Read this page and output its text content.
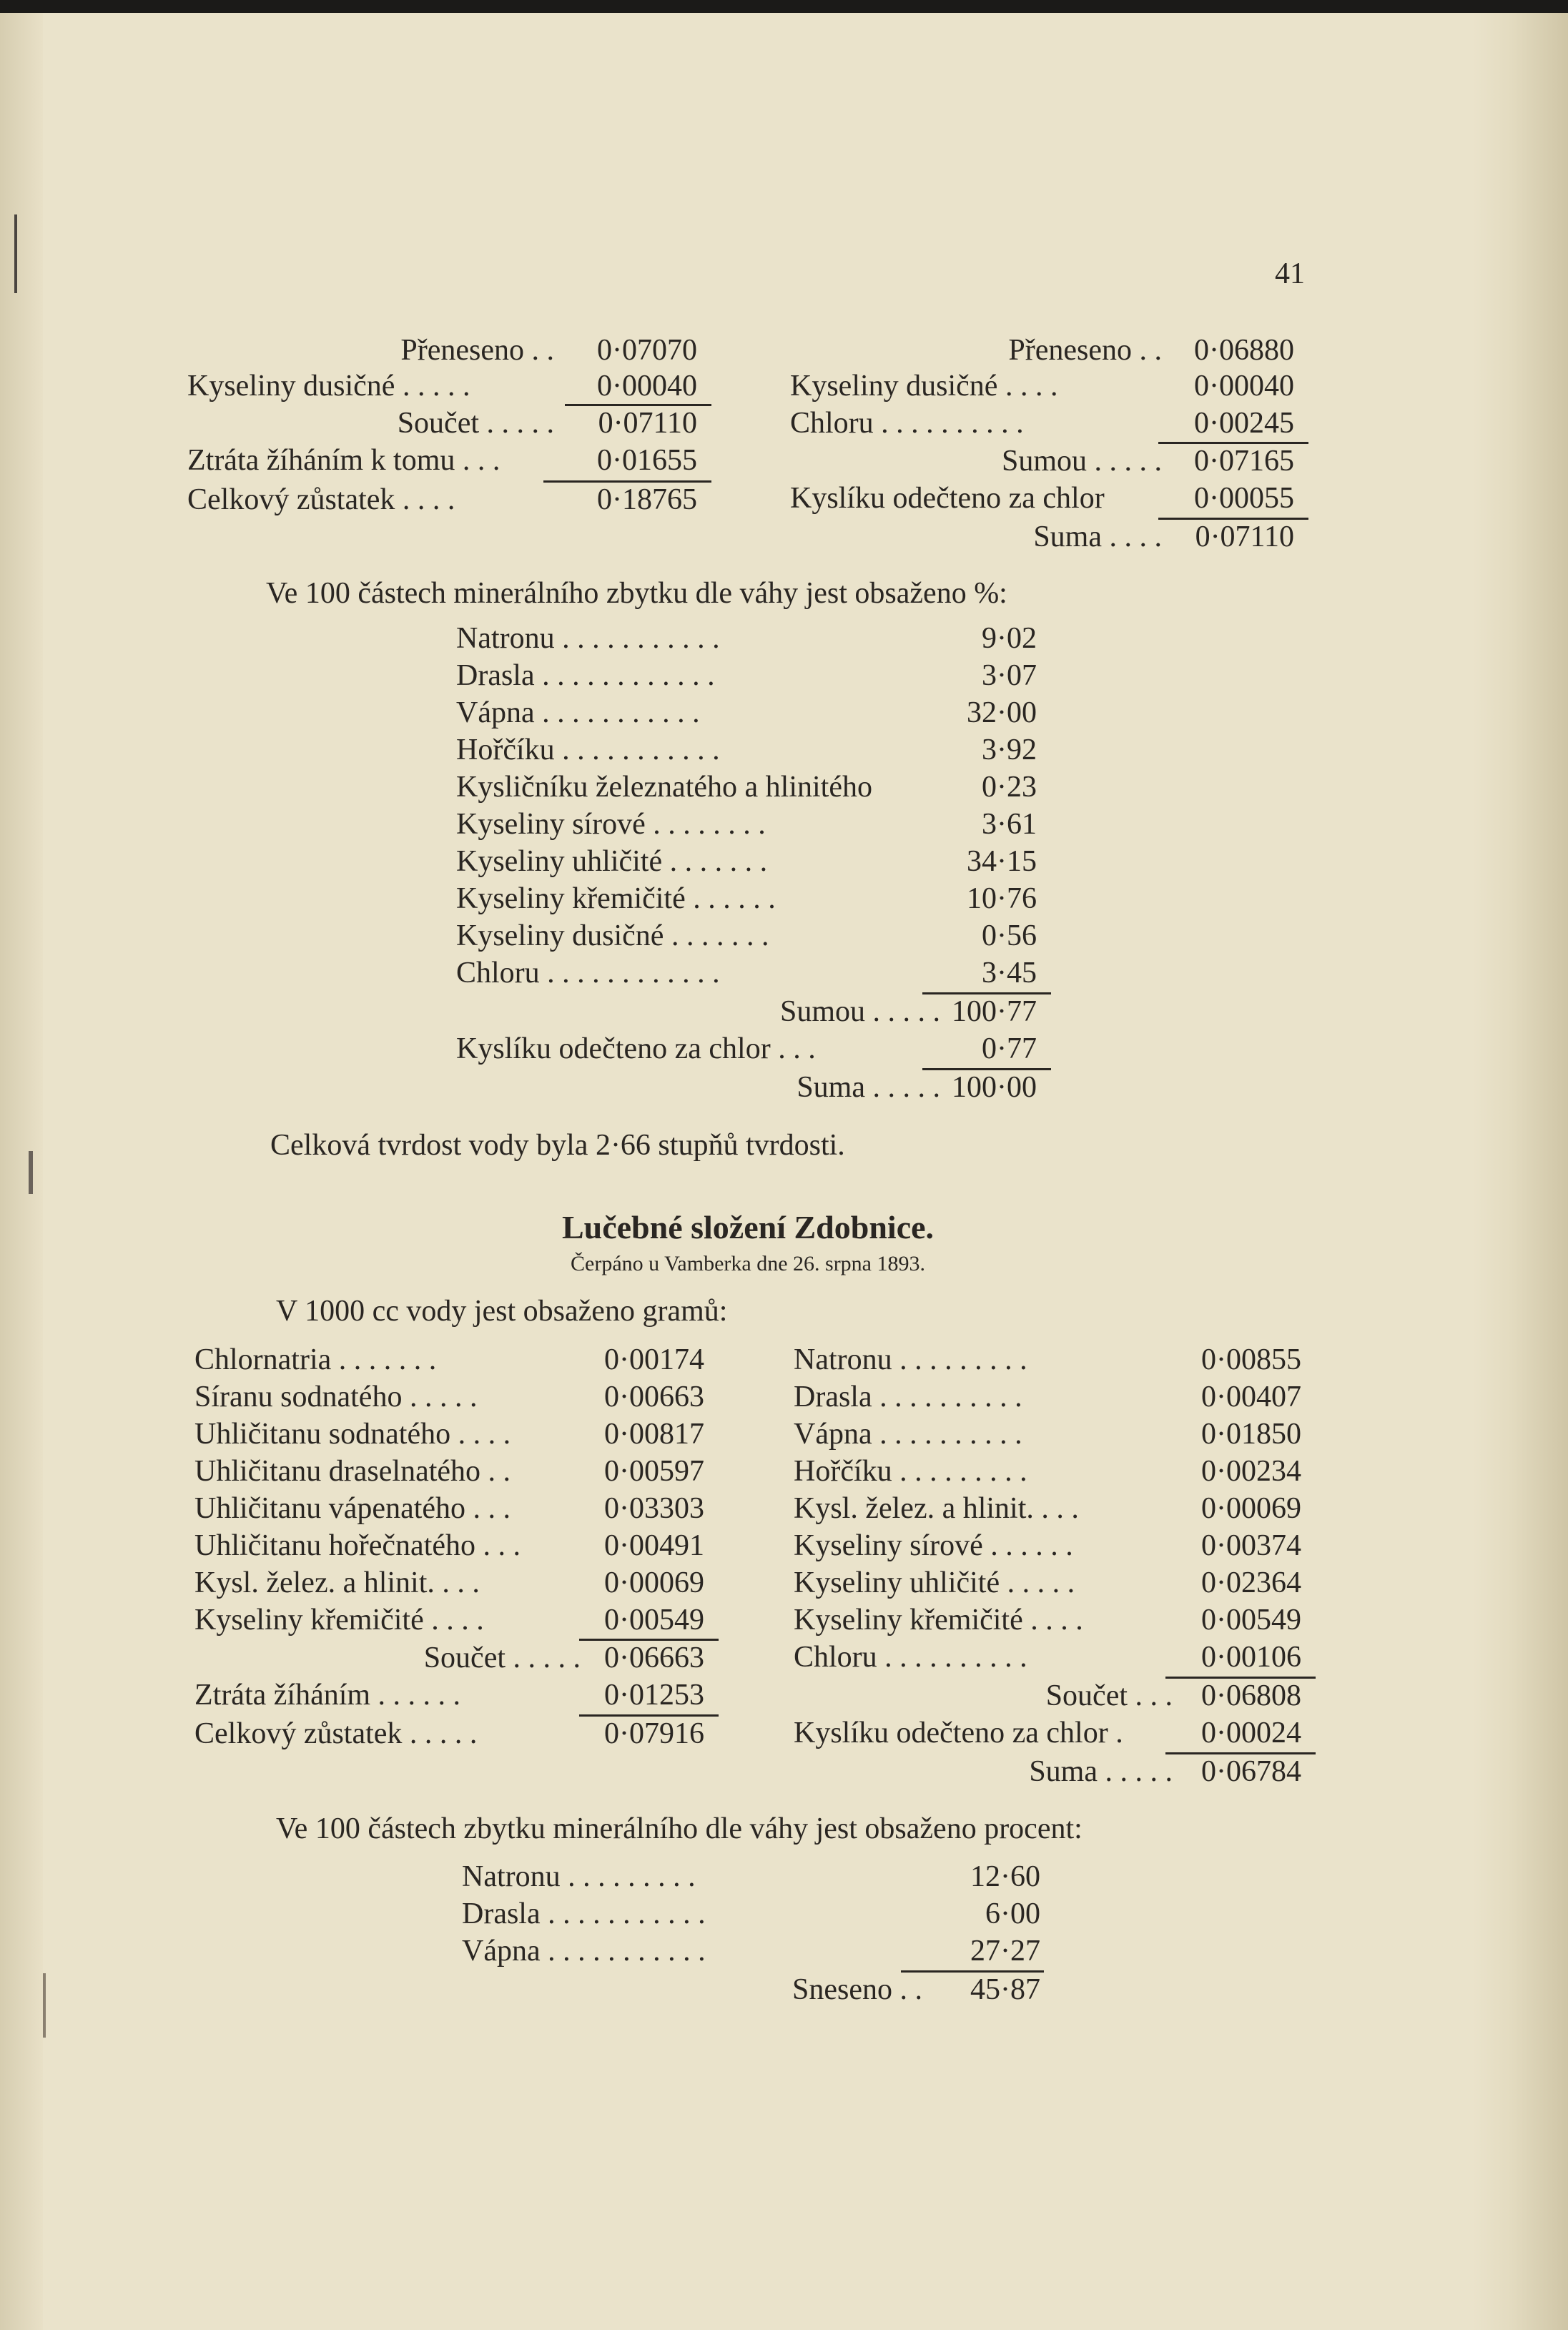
41
Přeneseno . .	0·07070
Kyseliny dusičné . . . . .	0·00040
Součet . . . . .	0·07110
Ztráta žíháním k tomu . . .	0·01655
Celkový zůstatek . . . .	0·18765
Přeneseno . .	0·06880
Kyseliny dusičné . . . .	0·00040
Chloru . . . . . . . . . .	0·00245
Sumou . . . . .	0·07165
Kyslíku odečteno za chlor	0·00055
Suma . . . .	0·07110
Ve 100 částech minerálního zbytku dle váhy jest obsaženo %:
Natronu . . . . . . . . . . .	9·02
Drasla . . . . . . . . . . . .	3·07
Vápna . . . . . . . . . . .	32·00
Hořčíku . . . . . . . . . . .	3·92
Kysličníku železnatého a hlinitého	0·23
Kyseliny sírové . . . . . . . .	3·61
Kyseliny uhličité . . . . . . .	34·15
Kyseliny křemičité . . . . . .	10·76
Kyseliny dusičné . . . . . . .	0·56
Chloru . . . . . . . . . . . .	3·45
Sumou . . . . . 100·77
Kyslíku odečteno za chlor . . .	0·77
Suma . . . . . 100·00
Celková tvrdost vody byla 2·66 stupňů tvrdosti.
Lučebné složení Zdobnice.
Čerpáno u Vamberka dne 26. srpna 1893.
V 1000 cc vody jest obsaženo gramů:
Chlornatria . . . . . . .	0·00174
Síranu sodnatého . . . . .	0·00663
Uhličitanu sodnatého . . . .	0·00817
Uhličitanu draselnatého . .	0·00597
Uhličitanu vápenatého . . .	0·03303
Uhličitanu hořečnatého . . .	0·00491
Kysl. želez. a hlinit. . . .	0·00069
Kyseliny křemičité . . . .	0·00549
Součet . . . . . 0·06663
Ztráta žíháním . . . . . .	0·01253
Celkový zůstatek . . . . .	0·07916
Natronu . . . . . . . . .	0·00855
Drasla . . . . . . . . . .	0·00407
Vápna . . . . . . . . . .	0·01850
Hořčíku . . . . . . . . .	0·00234
Kysl. želez. a hlinit. . . .	0·00069
Kyseliny sírové . . . . . .	0·00374
Kyseliny uhličité . . . . .	0·02364
Kyseliny křemičité . . . .	0·00549
Chloru . . . . . . . . . .	0·00106
Součet . . . 0·06808
Kyslíku odečteno za chlor .	0·00024
Suma . . . . . 0·06784
Ve 100 částech zbytku minerálního dle váhy jest obsaženo procent:
Natronu . . . . . . . . .	12·60
Drasla . . . . . . . . . . .	6·00
Vápna . . . . . . . . . . .	27·27
Sneseno . .	45·87
